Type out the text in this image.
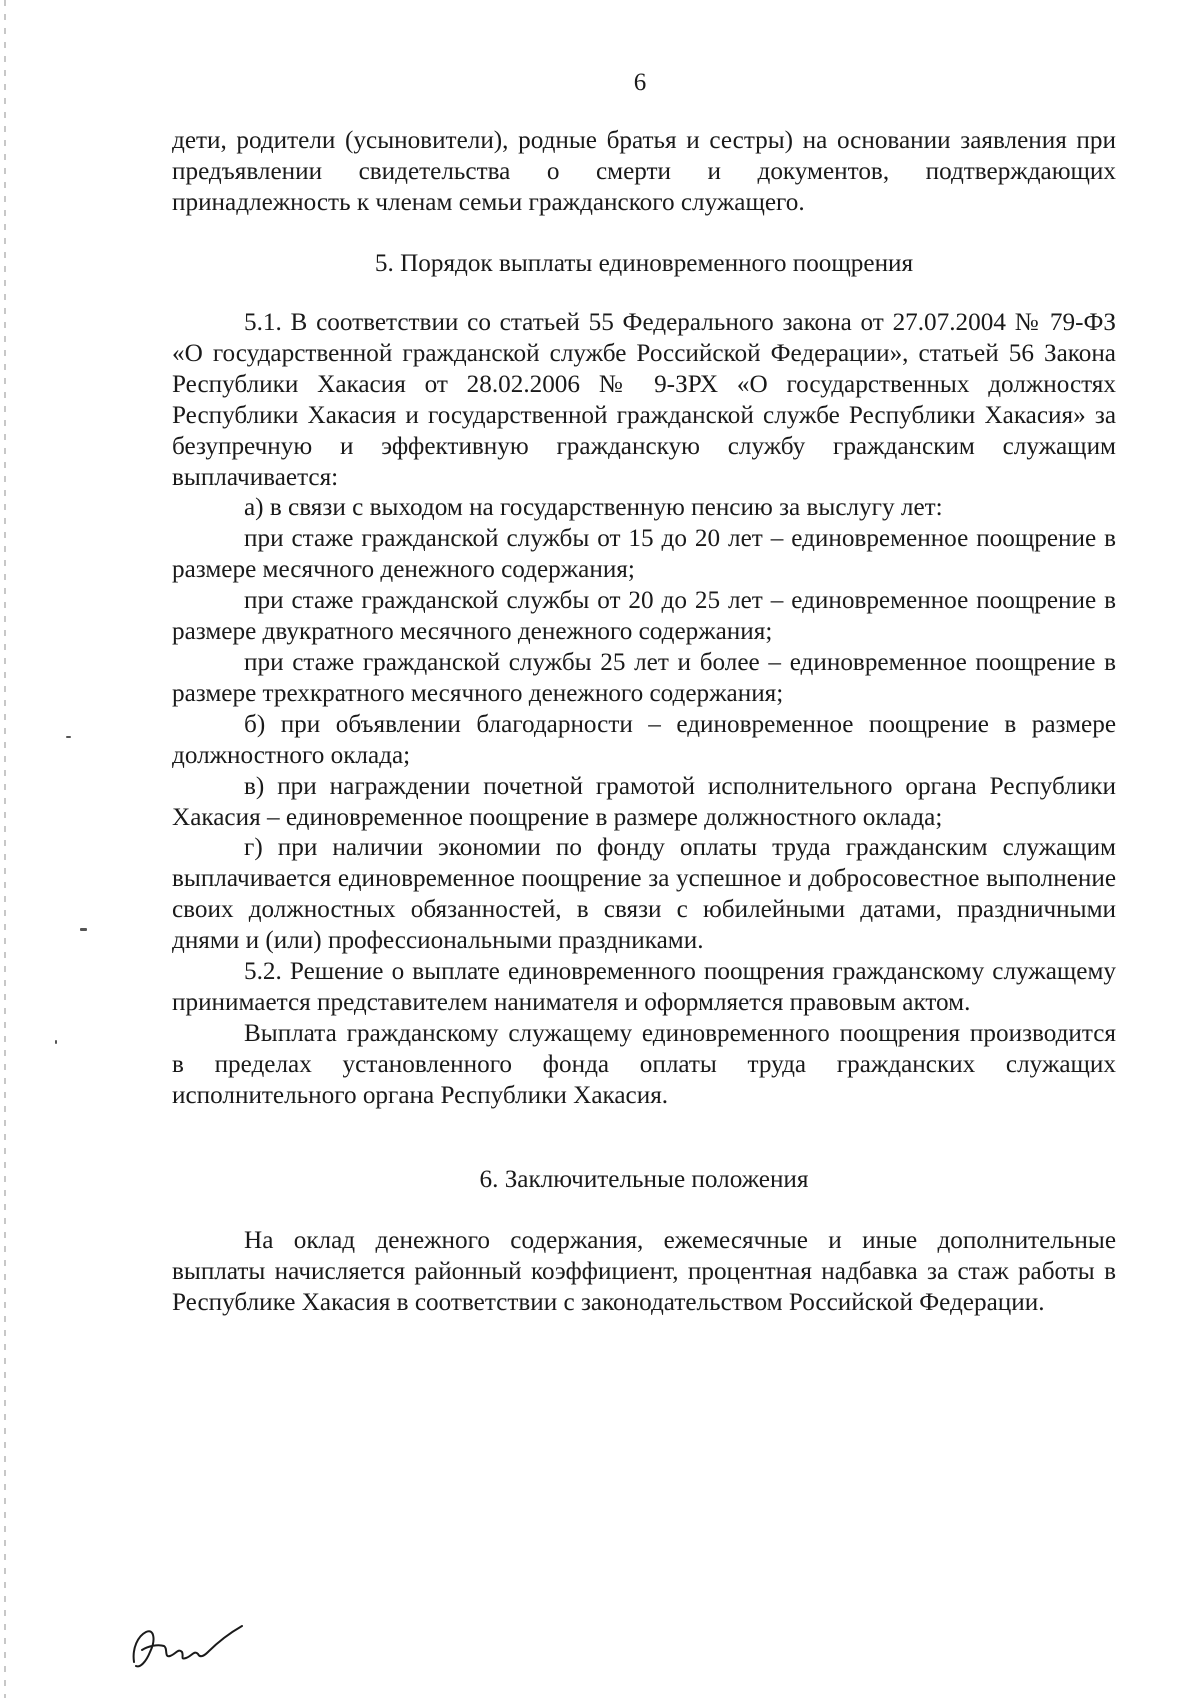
6

дети, родители (усыновители), родные братья и сестры) на основании заявления при предъявлении свидетельства о смерти и документов, подтверждающих принадлежность к членам семьи гражданского служащего.

5. Порядок выплаты единовременного поощрения

5.1. В соответствии со статьей 55 Федерального закона от 27.07.2004 № 79-ФЗ «О государственной гражданской службе Российской Федерации», статьей 56 Закона Республики Хакасия от 28.02.2006 № 9-ЗРХ «О государственных должностях Республики Хакасия и государственной гражданской службе Республики Хакасия» за безупречную и эффективную гражданскую службу гражданским служащим выплачивается:

а) в связи с выходом на государственную пенсию за выслугу лет:

при стаже гражданской службы от 15 до 20 лет – единовременное поощрение в размере месячного денежного содержания;

при стаже гражданской службы от 20 до 25 лет – единовременное поощрение в размере двукратного месячного денежного содержания;

при стаже гражданской службы 25 лет и более – единовременное поощрение в размере трехкратного месячного денежного содержания;

б) при объявлении благодарности – единовременное поощрение в размере должностного оклада;

в) при награждении почетной грамотой исполнительного органа Республики Хакасия – единовременное поощрение в размере должностного оклада;

г) при наличии экономии по фонду оплаты труда гражданским служащим выплачивается единовременное поощрение за успешное и добросовестное выполнение своих должностных обязанностей, в связи с юбилейными датами, праздничными днями и (или) профессиональными праздниками.

5.2. Решение о выплате единовременного поощрения гражданскому служащему принимается представителем нанимателя и оформляется правовым актом.

Выплата гражданскому служащему единовременного поощрения производится в пределах установленного фонда оплаты труда гражданских служащих исполнительного органа Республики Хакасия.

6. Заключительные положения

На оклад денежного содержания, ежемесячные и иные дополнительные выплаты начисляется районный коэффициент, процентная надбавка за стаж работы в Республике Хакасия в соответствии с законодательством Российской Федерации.
